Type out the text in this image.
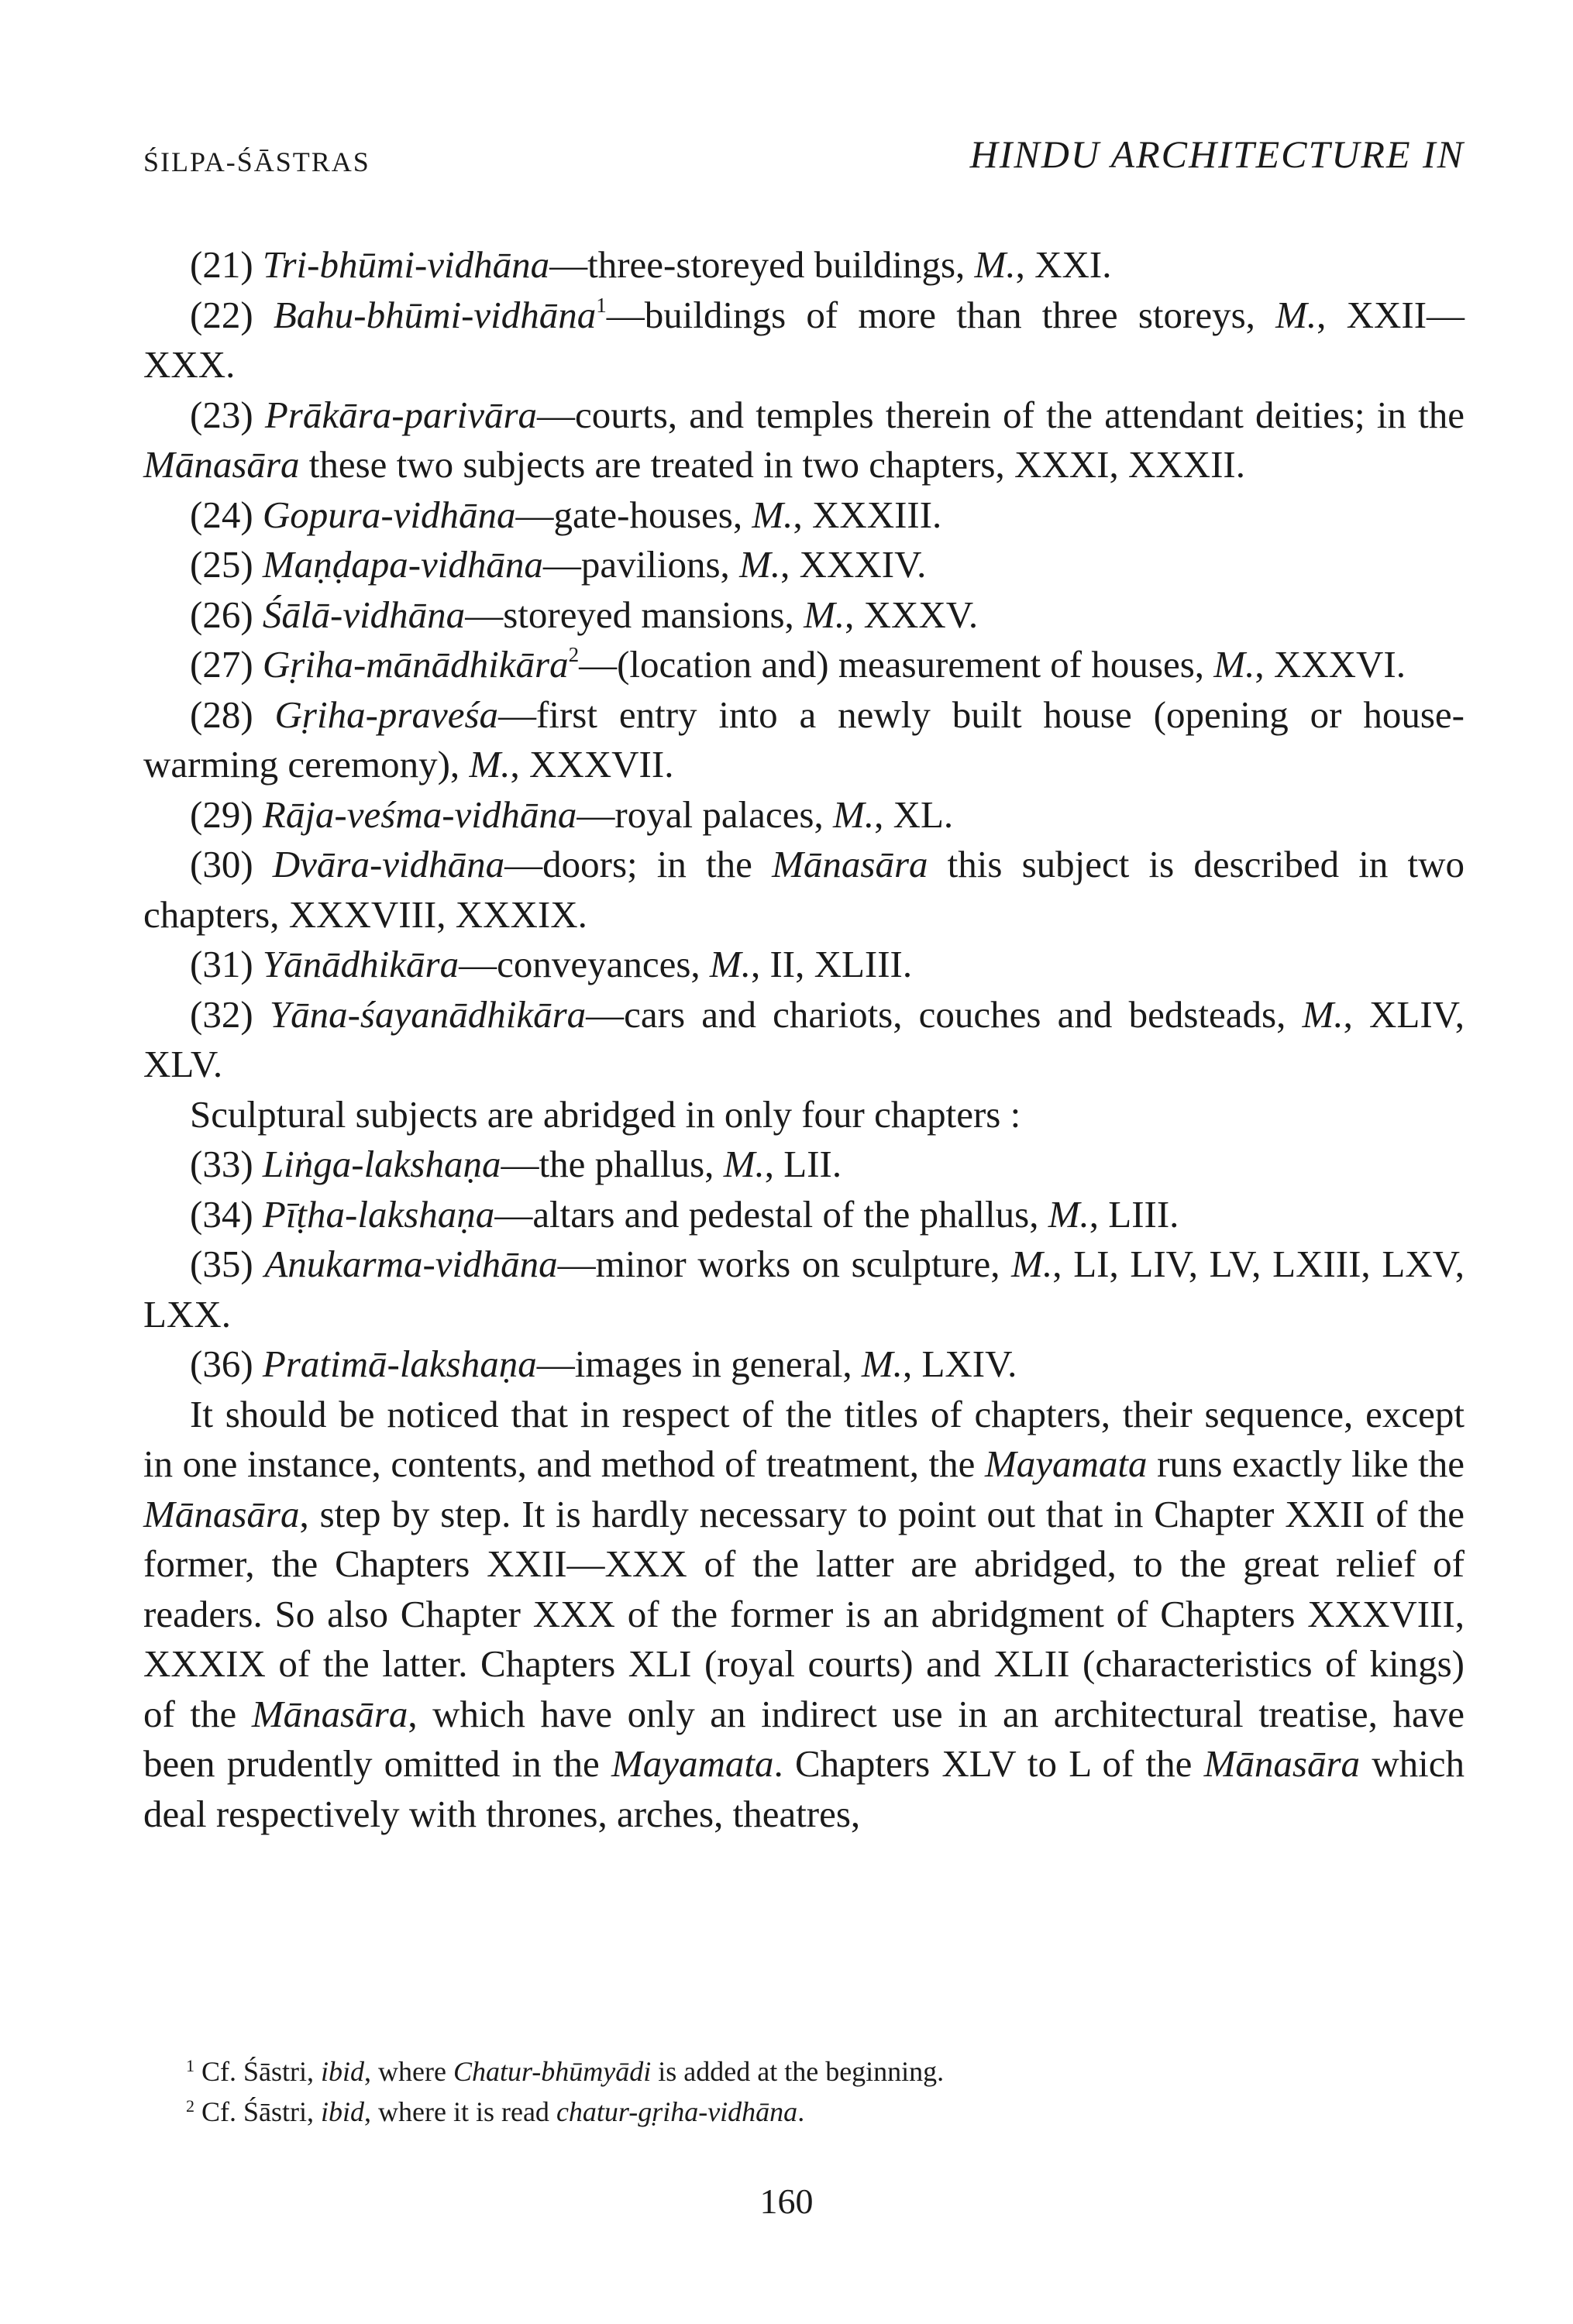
ŚILPA-ŚĀSTRAS	HINDU ARCHITECTURE IN

(21) Tri-bhūmi-vidhāna—three-storeyed buildings, M., XXI.

(22) Bahu-bhūmi-vidhāna$^1$—buildings of more than three storeys, M., XXII—XXX.

(23) Prākāra-parivāra—courts, and temples therein of the attendant deities; in the Mānasāra these two subjects are treated in two chapters, XXXI, XXXII.

(24) Gopura-vidhāna—gate-houses, M., XXXIII.

(25) Maṇḍapa-vidhāna—pavilions, M., XXXIV.

(26) Śālā-vidhāna—storeyed mansions, M., XXXV.

(27) Gṛiha-mānādhikāra$^2$—(location and) measurement of houses, M., XXXVI.

(28) Gṛiha-praveśa—first entry into a newly built house (opening or house-warming ceremony), M., XXXVII.

(29) Rāja-veśma-vidhāna—royal palaces, M., XL.

(30) Dvāra-vidhāna—doors; in the Mānasāra this subject is described in two chapters, XXXVIII, XXXIX.

(31) Yānādhikāra—conveyances, M., II, XLIII.

(32) Yāna-śayanādhikāra—cars and chariots, couches and bedsteads, M., XLIV, XLV.

Sculptural subjects are abridged in only four chapters :

(33) Liṅga-lakshaṇa—the phallus, M., LII.

(34) Pīṭha-lakshaṇa—altars and pedestal of the phallus, M., LIII.

(35) Anukarma-vidhāna—minor works on sculpture, M., LI, LIV, LV, LXIII, LXV, LXX.

(36) Pratimā-lakshaṇa—images in general, M., LXIV.

It should be noticed that in respect of the titles of chapters, their sequence, except in one instance, contents, and method of treatment, the Mayamata runs exactly like the Mānasāra, step by step. It is hardly necessary to point out that in Chapter XXII of the former, the Chapters XXII—XXX of the latter are abridged, to the great relief of readers. So also Chapter XXX of the former is an abridgment of Chapters XXXVIII, XXXIX of the latter. Chapters XLI (royal courts) and XLII (characteristics of kings) of the Mānasāra, which have only an indirect use in an architectural treatise, have been prudently omitted in the Mayamata. Chapters XLV to L of the Mānasāra which deal respectively with thrones, arches, theatres,

$^1$ Cf. Śāstri, ibid, where Chatur-bhūmyādi is added at the beginning.

$^2$ Cf. Śāstri, ibid, where it is read chatur-gṛiha-vidhāna.

160
